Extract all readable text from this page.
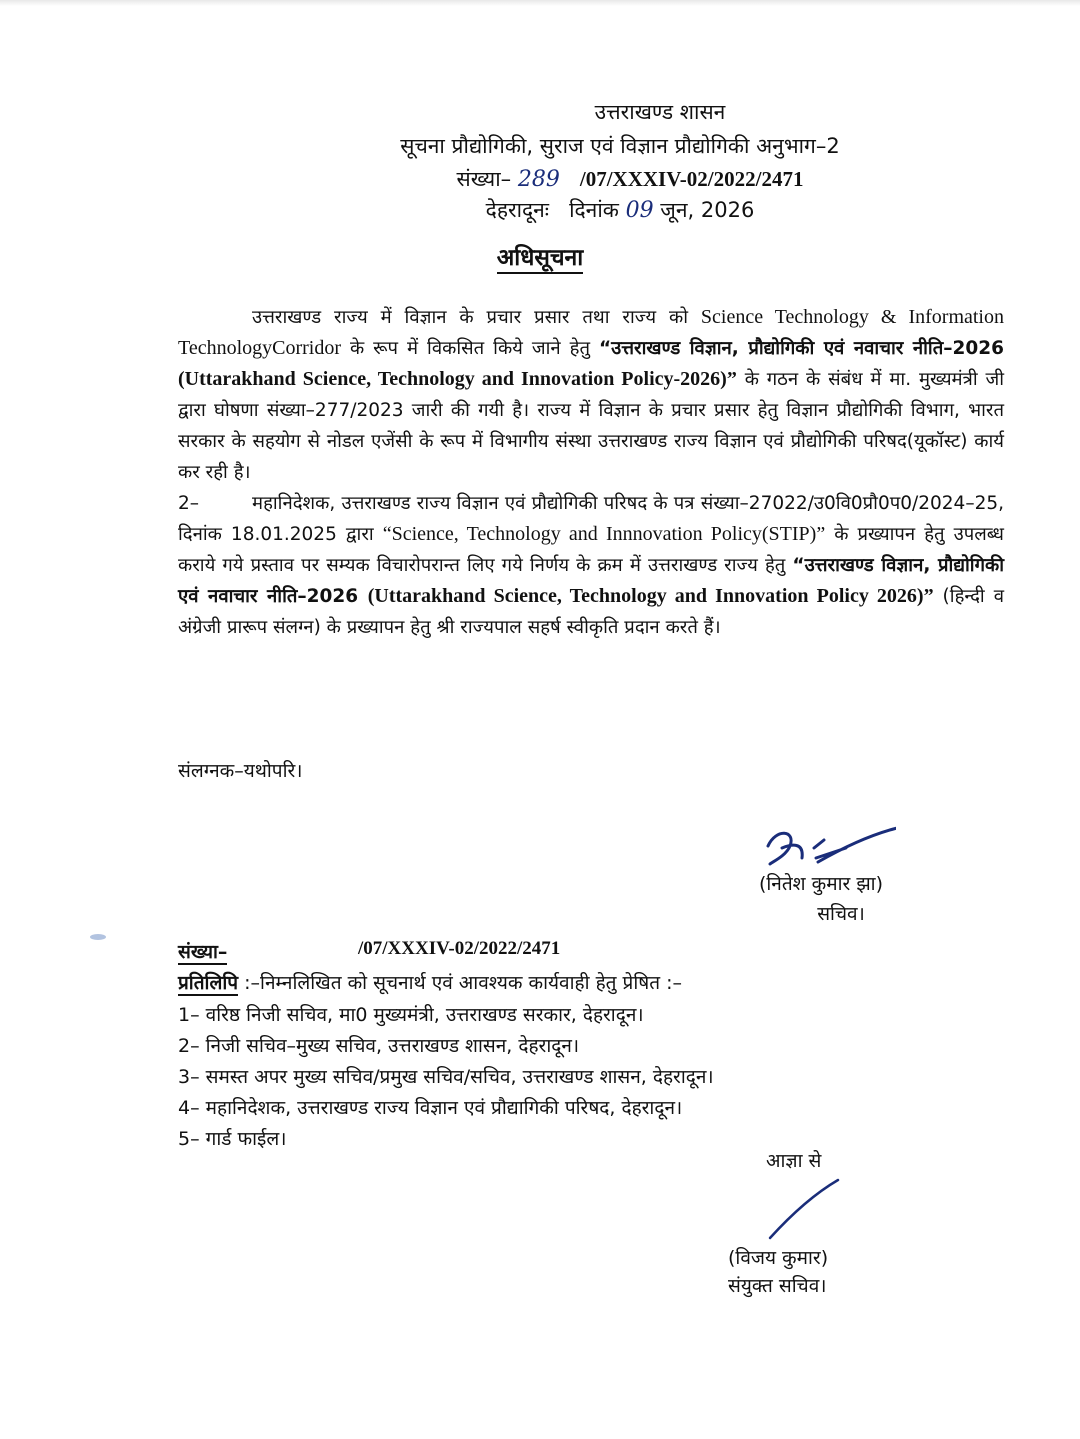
उत्तराखण्ड शासन
सूचना प्रौद्योगिकी, सुराज एवं विज्ञान प्रौद्योगिकी अनुभाग–2
संख्या– 289 /07/XXXIV-02/2022/2471
देहरादूनः दिनांक 09 जून, 2026
अधिसूचना

उत्तराखण्ड राज्य में विज्ञान के प्रचार प्रसार तथा राज्य को Science Technology & Information TechnologyCorridor के रूप में विकसित किये जाने हेतु “उत्तराखण्ड विज्ञान, प्रौद्योगिकी एवं नवाचार नीति–2026 (Uttarakhand Science, Technology and Innovation Policy-2026)” के गठन के संबंध में मा. मुख्यमंत्री जी द्वारा घोषणा संख्या–277/2023 जारी की गयी है। राज्य में विज्ञान के प्रचार प्रसार हेतु विज्ञान प्रौद्योगिकी विभाग, भारत सरकार के सहयोग से नोडल एजेंसी के रूप में विभागीय संस्था उत्तराखण्ड राज्य विज्ञान एवं प्रौद्योगिकी परिषद(यूकॉस्ट) कार्य कर रही है।

2–	महानिदेशक, उत्तराखण्ड राज्य विज्ञान एवं प्रौद्योगिकी परिषद के पत्र संख्या–27022/उ0वि0प्रौ0प0/2024–25, दिनांक 18.01.2025 द्वारा “Science, Technology and Innnovation Policy(STIP)” के प्रख्यापन हेतु उपलब्ध कराये गये प्रस्ताव पर सम्यक विचारोपरान्त लिए गये निर्णय के क्रम में उत्तराखण्ड राज्य हेतु “उत्तराखण्ड विज्ञान, प्रौद्योगिकी एवं नवाचार नीति–2026 (Uttarakhand Science, Technology and Innovation Policy 2026)” (हिन्दी व अंग्रेजी प्रारूप संलग्न) के प्रख्यापन हेतु श्री राज्यपाल सहर्ष स्वीकृति प्रदान करते हैं।

संलग्नक–यथोपरि।
(नितेश कुमार झा)
सचिव।
संख्या–	/07/XXXIV-02/2022/2471
प्रतिलिपि :–निम्नलिखित को सूचनार्थ एवं आवश्यक कार्यवाही हेतु प्रेषित :–
1– वरिष्ठ निजी सचिव, मा0 मुख्यमंत्री, उत्तराखण्ड सरकार, देहरादून।
2– निजी सचिव–मुख्य सचिव, उत्तराखण्ड शासन, देहरादून।
3– समस्त अपर मुख्य सचिव/प्रमुख सचिव/सचिव, उत्तराखण्ड शासन, देहरादून।
4– महानिदेशक, उत्तराखण्ड राज्य विज्ञान एवं प्रौद्यागिकी परिषद, देहरादून।
5– गार्ड फाईल।
आज्ञा से
(विजय कुमार)
संयुक्त सचिव।
